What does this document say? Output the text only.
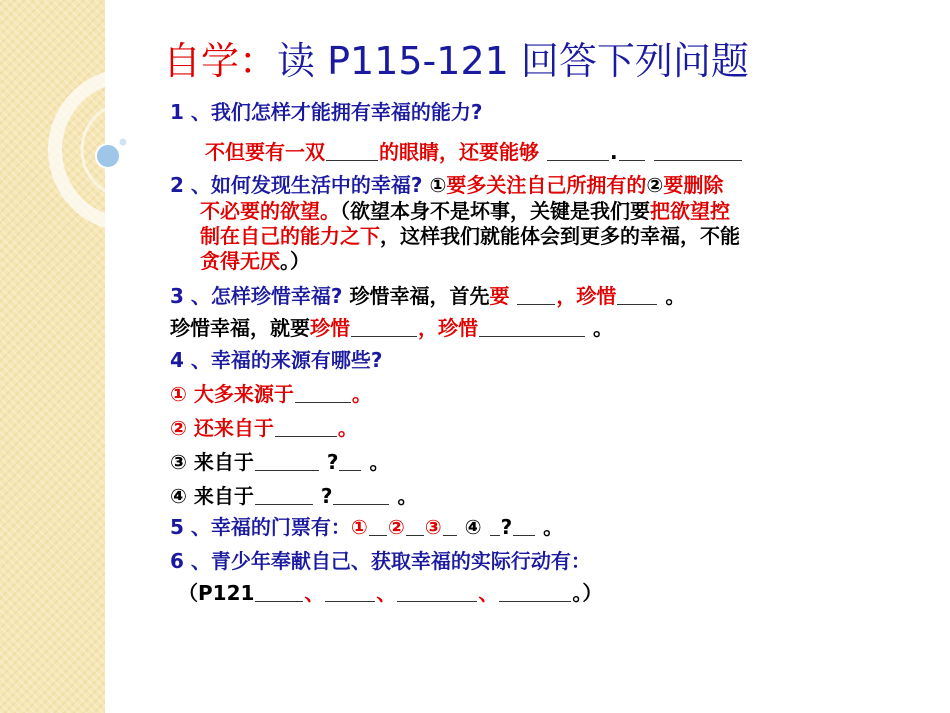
自学：读 P115-121 回答下列问题
1 、我们怎样才能拥有幸福的能力?
不但要有一双	的眼睛，还要能够	.
2 、如何发现生活中的幸福? ①要多关注自己所拥有的②要删除
不必要的欲望。（欲望本身不是坏事，关键是我们要把欲望控
制在自己的能力之下，这样我们就能体会到更多的幸福，不能
贪得无厌。）
3 、怎样珍惜幸福? 珍惜幸福，首先要 ，珍惜 。
珍惜幸福，就要珍惜	，珍惜	。
4 、幸福的来源有哪些?
① 大多来源于	。
② 还来自于	。
③ 来自于	? 。
④ 来自于	?	。
5 、幸福的门票有：① ② ③ ④ ? 。
6 、青少年奉献自己、获取幸福的实际行动有：
（P121	、	、	、	。）
